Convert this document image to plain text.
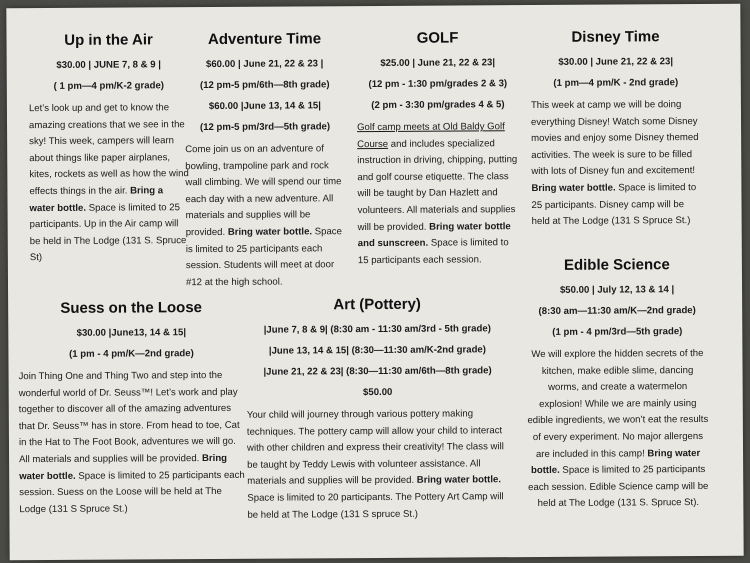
Up in the Air
$30.00 | JUNE 7, 8 & 9 |
( 1 pm—4 pm/K-2 grade)

Let’s look up and get to know the amazing creations that we see in the sky! This week, campers will learn about things like paper airplanes, kites, rockets as well as how the wind effects things in the air. Bring a water bottle. Space is limited to 25 participants. Up in the Air camp will be held in The Lodge (131 S. Spruce St)

Adventure Time
$60.00 | June 21, 22 & 23 |
(12 pm-5 pm/6th—8th grade)
$60.00 |June 13, 14 & 15|
(12 pm-5 pm/3rd—5th grade)

Come join us on an adventure of bowling, trampoline park and rock wall climbing. We will spend our time each day with a new adventure. All materials and supplies will be provided. Bring water bottle. Space is limited to 25 participants each session. Students will meet at door #12 at the high school.

GOLF
$25.00 | June 21, 22 & 23|
(12 pm - 1:30 pm/grades 2 & 3)
(2 pm - 3:30 pm/grades 4 & 5)

Golf camp meets at Old Baldy Golf Course and includes specialized instruction in driving, chipping, putting and golf course etiquette. The class will be taught by Dan Hazlett and volunteers. All materials and supplies will be provided. Bring water bottle and sunscreen. Space is limited to 15 participants each session.

Disney Time
$30.00 | June 21, 22 & 23|
(1 pm—4 pm/K - 2nd grade)

This week at camp we will be doing everything Disney! Watch some Disney movies and enjoy some Disney themed activities. The week is sure to be filled with lots of Disney fun and excitement! Bring water bottle. Space is limited to 25 participants. Disney camp will be held at The Lodge (131 S Spruce St.)

Edible Science
$50.00 | July 12, 13 & 14 |
(8:30 am—11:30 am/K—2nd grade)
(1 pm - 4 pm/3rd—5th grade)

We will explore the hidden secrets of the kitchen, make edible slime, dancing worms, and create a watermelon explosion! While we are mainly using edible ingredients, we won’t eat the results of every experiment. No major allergens are included in this camp! Bring water bottle. Space is limited to 25 participants each session. Edible Science camp will be held at The Lodge (131 S. Spruce St).

Suess on the Loose
$30.00 |June13, 14 & 15|
(1 pm - 4 pm/K—2nd grade)

Join Thing One and Thing Two and step into the wonderful world of Dr. Seuss™! Let’s work and play together to discover all of the amazing adventures that Dr. Seuss™ has in store. From head to toe, Cat in the Hat to The Foot Book, adventures we will go. All materials and supplies will be provided. Bring water bottle. Space is limited to 25 participants each session. Suess on the Loose will be held at The Lodge (131 S Spruce St.)

Art (Pottery)
|June 7, 8 & 9| (8:30 am - 11:30 am/3rd - 5th grade)
|June 13, 14 & 15| (8:30—11:30 am/K-2nd grade)
|June 21, 22 & 23| (8:30—11:30 am/6th—8th grade)
$50.00

Your child will journey through various pottery making techniques. The pottery camp will allow your child to interact with other children and express their creativity! The class will be taught by Teddy Lewis with volunteer assistance. All materials and supplies will be provided. Bring water bottle. Space is limited to 20 participants. The Pottery Art Camp will be held at The Lodge (131 S spruce St.)
